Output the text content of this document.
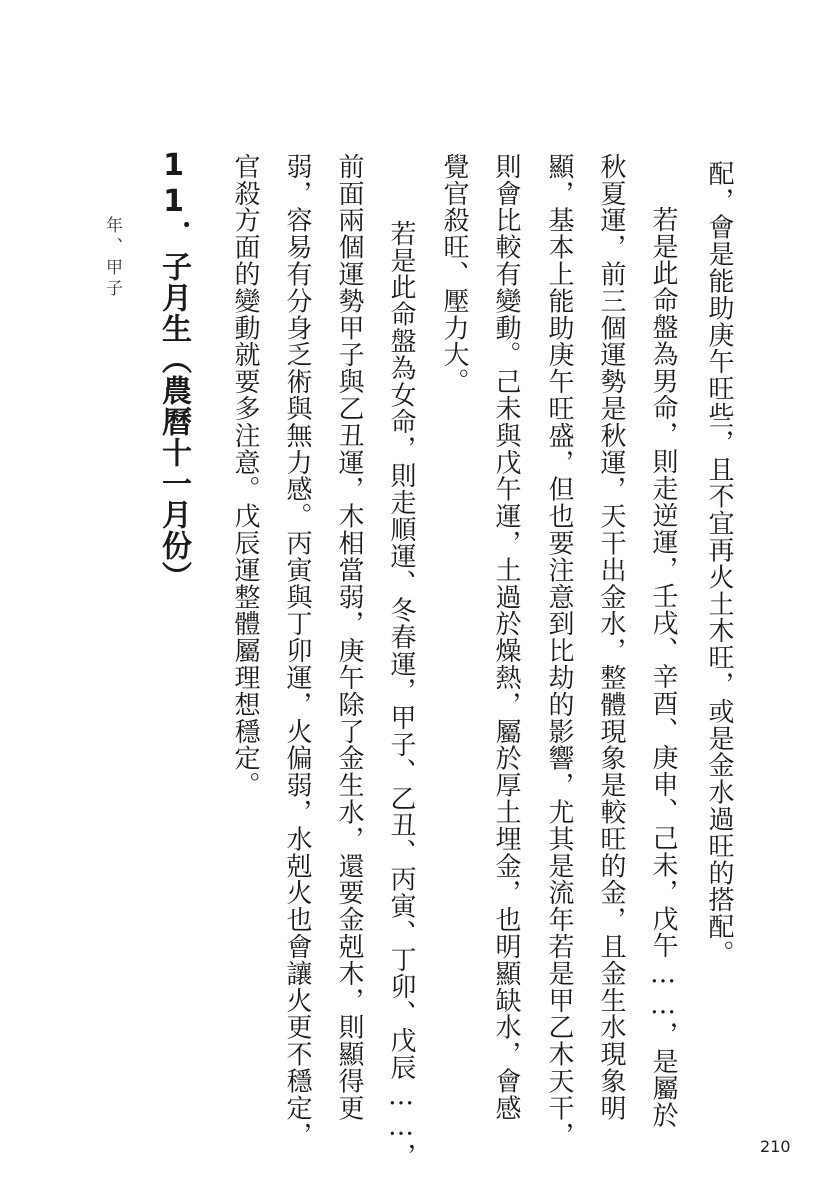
配，會是能助庚午旺些，且不宜再火土木旺，或是金水過旺的搭配。
若是此命盤為男命，則走逆運，壬戌、辛酉、庚申、己未，戊午……，是屬於
秋夏運，前三個運勢是秋運，天干出金水，整體現象是較旺的金，且金生水現象明
顯，基本上能助庚午旺盛，但也要注意到比劫的影響，尤其是流年若是甲乙木天干，
則會比較有變動。己未與戊午運，土過於燥熱，屬於厚土埋金，也明顯缺水，會感
覺官殺旺、壓力大。
若是此命盤為女命，則走順運、冬春運，甲子、乙丑、丙寅、丁卯、戊辰……，
前面兩個運勢甲子與乙丑運，木相當弱，庚午除了金生水，還要金剋木，則顯得更
弱，容易有分身乏術與無力感。丙寅與丁卯運，火偏弱，水剋火也會讓火更不穩定，
官殺方面的變動就要多注意。戊辰運整體屬理想穩定。
11．子月生（農曆十一月份）
年、甲子
210
